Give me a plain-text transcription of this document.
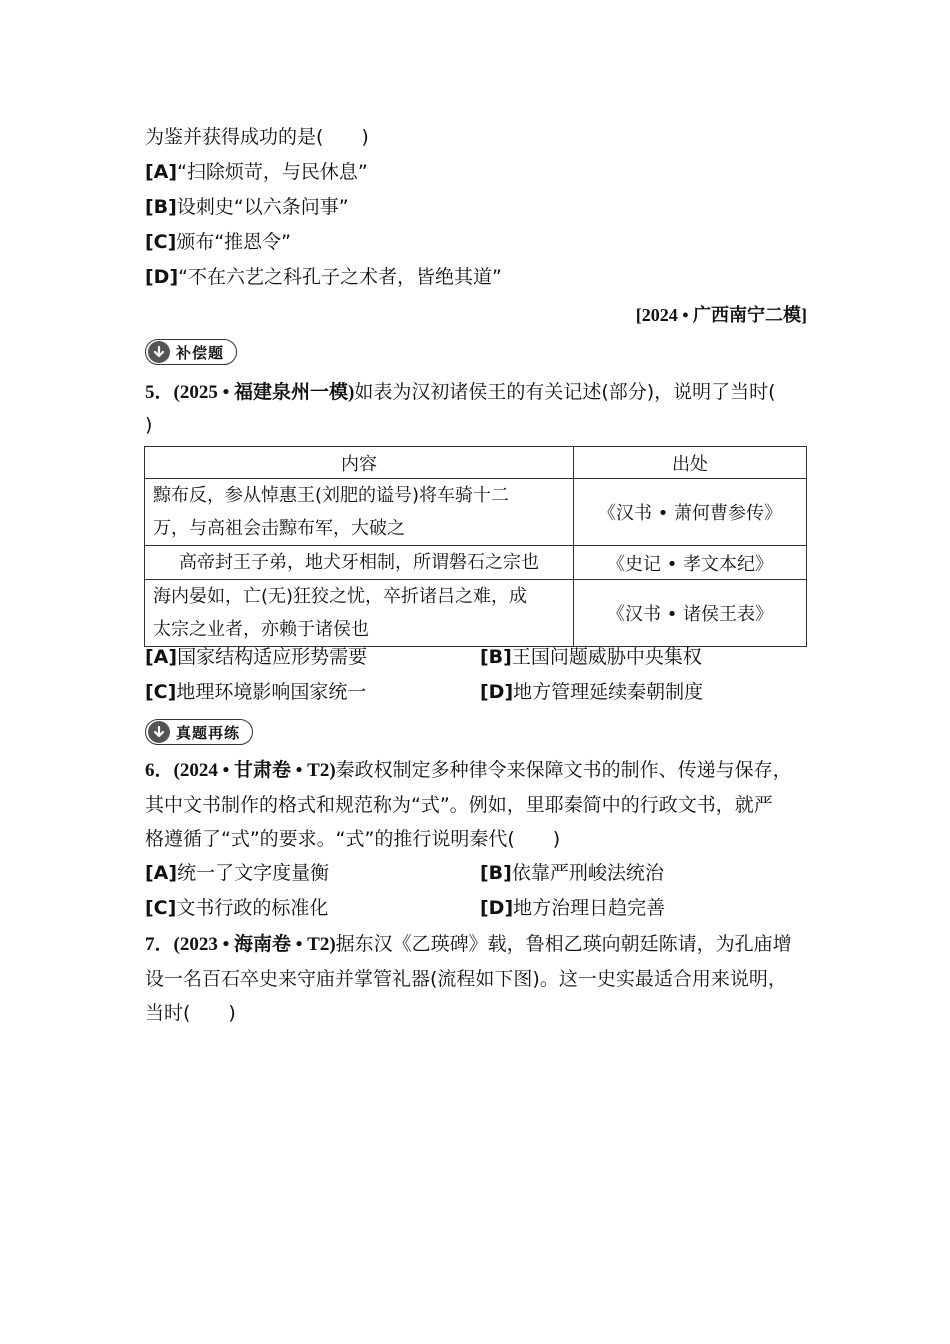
为鉴并获得成功的是(　　)
[A]“扫除烦苛，与民休息”
[B]设刺史“以六条问事”
[C]颁布“推恩令”
[D]“不在六艺之科孔子之术者，皆绝其道”
[2024 • 广西南宁二模]
补偿题
5．(2025 • 福建泉州一模)如表为汉初诸侯王的有关记述(部分)，说明了当时(
)
内容	出处

黥布反，参从悼惠王(刘肥的谥号)将车骑十二
万，与高祖会击黥布军，大破之	《汉书 • 萧何曹参传》

高帝封王子弟，地犬牙相制，所谓磐石之宗也	《史记 • 孝文本纪》

海内晏如，亡(无)狂狡之忧，卒折诸吕之难，成
太宗之业者，亦赖于诸侯也	《汉书 • 诸侯王表》
[A]国家结构适应形势需要	[B]王国问题威胁中央集权
[C]地理环境影响国家统一	[D]地方管理延续秦朝制度
真题再练
6．(2024 • 甘肃卷 • T2)秦政权制定多种律令来保障文书的制作、传递与保存，
其中文书制作的格式和规范称为“式”。例如，里耶秦简中的行政文书，就严
格遵循了“式”的要求。“式”的推行说明秦代(　　)
[A]统一了文字度量衡	[B]依靠严刑峻法统治
[C]文书行政的标准化	[D]地方治理日趋完善
7．(2023 • 海南卷 • T2)据东汉《乙瑛碑》载，鲁相乙瑛向朝廷陈请，为孔庙增
设一名百石卒史来守庙并掌管礼器(流程如下图)。这一史实最适合用来说明，
当时(　　)
